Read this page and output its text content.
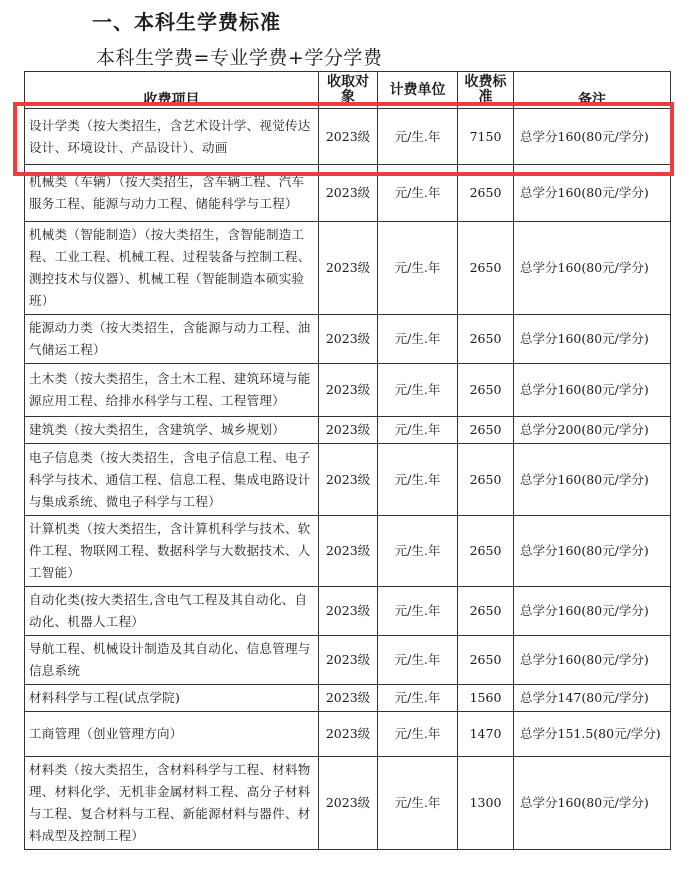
一、本科生学费标准
本科生学费=专业学费+学分学费
收费项目	收取对象	计费单位	收费标准	备注
设计学类（按大类招生，含艺术设计学、视觉传达设计、环境设计、产品设计）、动画	2023级	元/生.年	7150	总学分160(80元/学分)
机械类（车辆）（按大类招生，含车辆工程、汽车服务工程、能源与动力工程、储能科学与工程）	2023级	元/生.年	2650	总学分160(80元/学分)
机械类（智能制造）（按大类招生，含智能制造工程、工业工程、机械工程、过程装备与控制工程、测控技术与仪器）、机械工程（智能制造本硕实验班）	2023级	元/生.年	2650	总学分160(80元/学分)
能源动力类（按大类招生，含能源与动力工程、油气储运工程）	2023级	元/生.年	2650	总学分160(80元/学分)
土木类（按大类招生，含土木工程、建筑环境与能源应用工程、给排水科学与工程、工程管理）	2023级	元/生.年	2650	总学分160(80元/学分)
建筑类（按大类招生，含建筑学、城乡规划）	2023级	元/生.年	2650	总学分200(80元/学分)
电子信息类（按大类招生，含电子信息工程、电子科学与技术、通信工程、信息工程、集成电路设计与集成系统、微电子科学与工程）	2023级	元/生.年	2650	总学分160(80元/学分)
计算机类（按大类招生，含计算机科学与技术、软件工程、物联网工程、数据科学与大数据技术、人工智能）	2023级	元/生.年	2650	总学分160(80元/学分)
自动化类(按大类招生,含电气工程及其自动化、自动化、机器人工程）	2023级	元/生.年	2650	总学分160(80元/学分)
导航工程、机械设计制造及其自动化、信息管理与信息系统	2023级	元/生.年	2650	总学分160(80元/学分)
材料科学与工程(试点学院)	2023级	元/生.年	1560	总学分147(80元/学分)
工商管理（创业管理方向）	2023级	元/生.年	1470	总学分151.5(80元/学分)
材料类（按大类招生，含材料科学与工程、材料物理、材料化学、无机非金属材料工程、高分子材料与工程、复合材料与工程、新能源材料与器件、材料成型及控制工程）	2023级	元/生.年	1300	总学分160(80元/学分)
